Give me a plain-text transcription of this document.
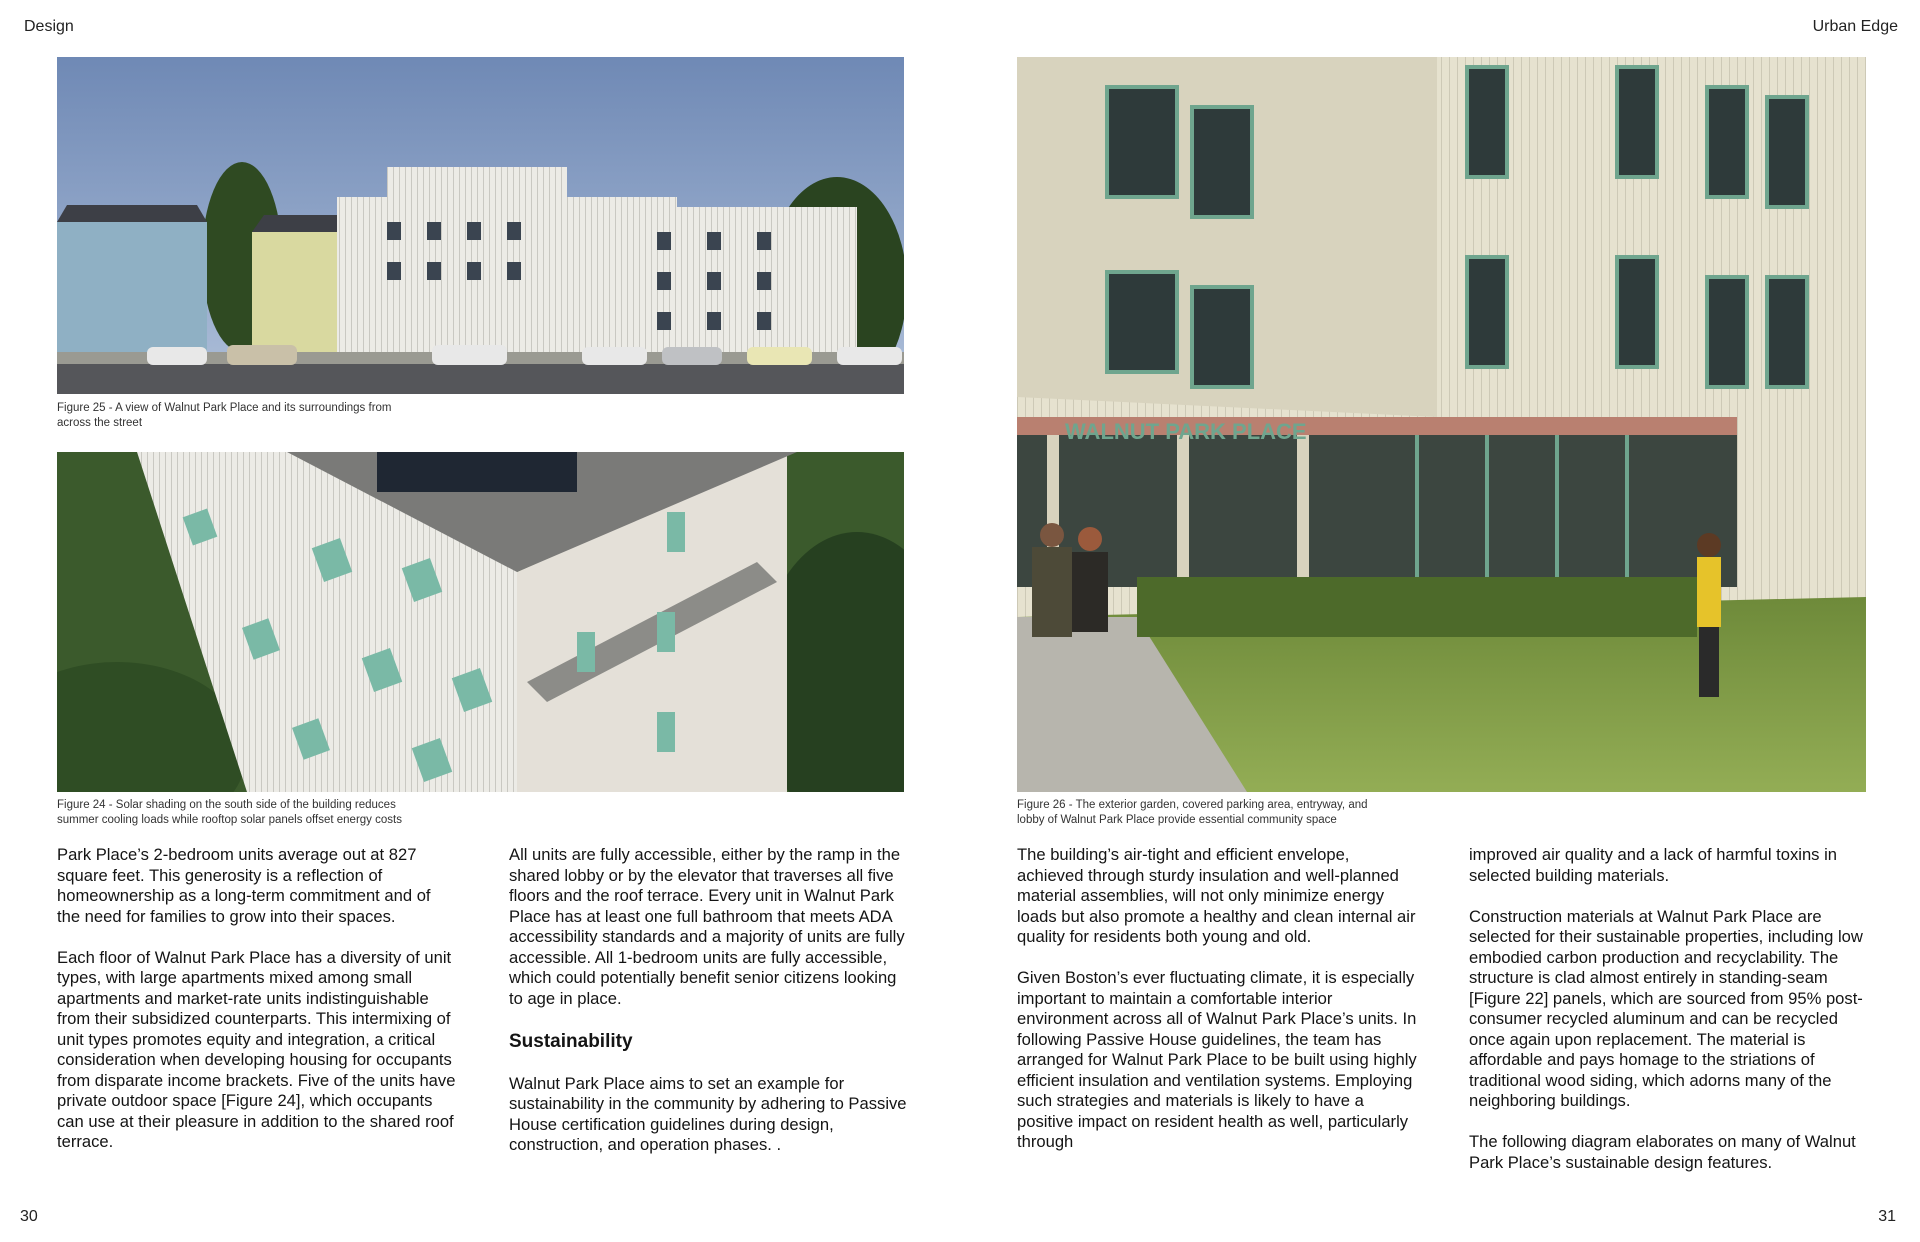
Design	Urban Edge
Figure 25 - A view of Walnut Park Place and its surroundings from
across the street
Figure 24 - Solar shading on the south side of the building reduces
summer cooling loads while rooftop solar panels offset energy costs
WALNUT PARK PLACE
Figure 26 - The exterior garden, covered parking area, entryway, and
lobby of Walnut Park Place provide essential community space

Park Place’s 2-bedroom units average out at 827 square feet. This generosity is a reflection of homeownership as a long-term commitment and of the need for families to grow into their spaces.

Each floor of Walnut Park Place has a diversity of unit types, with large apartments mixed among small apartments and market-rate units indistinguishable from their subsidized counterparts. This intermixing of unit types promotes equity and integration, a critical consideration when developing housing for occupants from disparate income brackets. Five of the units have private outdoor space [Figure 24], which occupants can use at their pleasure in addition to the shared roof terrace.

All units are fully accessible, either by the ramp in the shared lobby or by the elevator that traverses all five floors and the roof terrace. Every unit in Walnut Park Place has at least one full bathroom that meets ADA accessibility standards and a majority of units are fully accessible. All 1-bedroom units are fully accessible, which could potentially benefit senior citizens looking to age in place.

Sustainability

Walnut Park Place aims to set an example for sustainability in the community by adhering to Passive House certification guidelines during design, construction, and operation phases. .

The building’s air-tight and efficient envelope, achieved through sturdy insulation and well-planned material assemblies, will not only minimize energy loads but also promote a healthy and clean internal air quality for residents both young and old.

Given Boston’s ever fluctuating climate, it is especially important to maintain a comfortable interior environment across all of Walnut Park Place’s units. In following Passive House guidelines, the team has arranged for Walnut Park Place to be built using highly efficient insulation and ventilation systems. Employing such strategies and materials is likely to have a positive impact on resident health as well, particularly through

improved air quality and a lack of harmful toxins in selected building materials.

Construction materials at Walnut Park Place are selected for their sustainable properties, including low embodied carbon production and recyclability. The structure is clad almost entirely in standing-seam [Figure 22] panels, which are sourced from 95% post-consumer recycled aluminum and can be recycled once again upon replacement. The material is affordable and pays homage to the striations of traditional wood siding, which adorns many of the neighboring buildings.

The following diagram elaborates on many of Walnut Park Place’s sustainable design features.

30	31
